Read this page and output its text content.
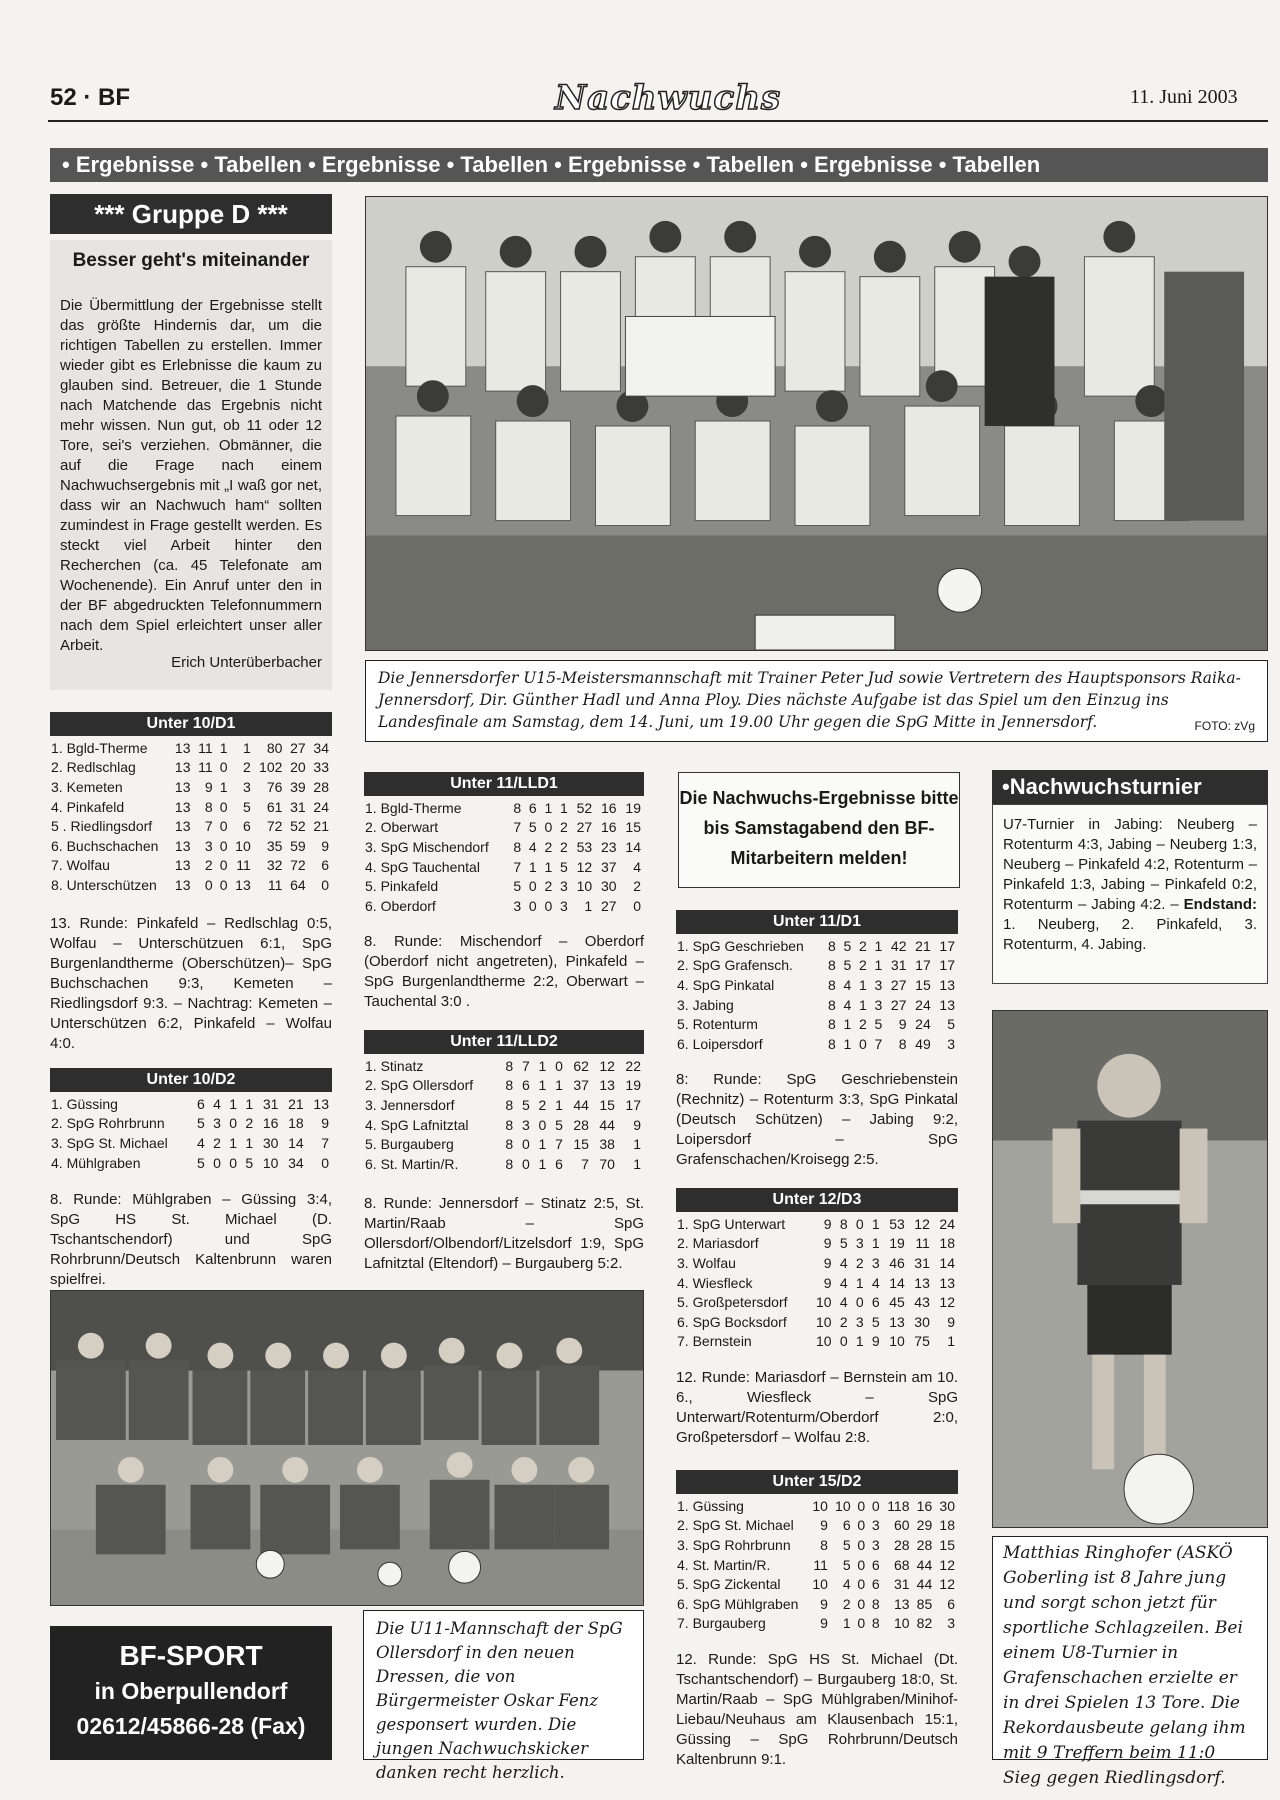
52 · BF	Nachwuchs	11. Juni 2003
• Ergebnisse • Tabellen • Ergebnisse • Tabellen • Ergebnisse • Tabellen • Ergebnisse • Tabellen
*** Gruppe D ***
Besser geht's miteinander
Die Übermittlung der Ergebnisse stellt das größte Hindernis dar, um die richtigen Tabellen zu erstellen. Immer wieder gibt es Erlebnisse die kaum zu glauben sind. Betreuer, die 1 Stunde nach Matchende das Ergebnis nicht mehr wissen. Nun gut, ob 11 oder 12 Tore, sei's verziehen. Obmänner, die auf die Frage nach einem Nachwuchsergebnis mit „I waß gor net, dass wir an Nachwuch ham“ sollten zumindest in Frage gestellt werden. Es steckt viel Arbeit hinter den Recherchen (ca. 45 Telefonate am Wochenende). Ein Anruf unter den in der BF abgedruckten Telefonnummern nach dem Spiel erleichtert unser aller Arbeit.
Erich Unterüberbacher
Unter 10/D1
1. Bgld-Therme	13	11	1	1	80	27	34
2. Redlschlag	13	11	0	2	102	20	33
3. Kemeten	13	9	1	3	76	39	28
4. Pinkafeld	13	8	0	5	61	31	24
5 . Riedlingsdorf	13	7	0	6	72	52	21
6. Buchschachen	13	3	0	10	35	59	9
7. Wolfau	13	2	0	11	32	72	6
8. Unterschützen	13	0	0	13	11	64	0
13. Runde: Pinkafeld – Redlschlag 0:5, Wolfau – Unterschützuen 6:1, SpG Burgenlandtherme (Oberschützen)– SpG Buchschachen 9:3, Kemeten – Riedlingsdorf 9:3. – Nachtrag: Kemeten – Unterschützen 6:2, Pinkafeld – Wolfau 4:0.
Unter 10/D2
1. Güssing	6	4	1	1	31	21	13
2. SpG Rohrbrunn	5	3	0	2	16	18	9
3. SpG St. Michael	4	2	1	1	30	14	7
4. Mühlgraben	5	0	0	5	10	34	0
8. Runde: Mühlgraben – Güssing 3:4, SpG HS St. Michael (D. Tschantschendorf) und SpG Rohrbrunn/Deutsch Kaltenbrunn waren spielfrei.
Die Jennersdorfer U15-Meistersmannschaft mit Trainer Peter Jud sowie Vertretern des Hauptsponsors Raika-Jennersdorf, Dir. Günther Hadl und Anna Ploy. Dies nächste Aufgabe ist das Spiel um den Einzug ins Landesfinale am Samstag, dem 14. Juni, um 19.00 Uhr gegen die SpG Mitte in Jennersdorf.	FOTO: zVg
Unter 11/LLD1
1. Bgld-Therme	8	6	1	1	52	16	19
2. Oberwart	7	5	0	2	27	16	15
3. SpG Mischendorf	8	4	2	2	53	23	14
4. SpG Tauchental	7	1	1	5	12	37	4
5. Pinkafeld	5	0	2	3	10	30	2
6. Oberdorf	3	0	0	3	1	27	0
8. Runde: Mischendorf – Oberdorf (Oberdorf nicht angetreten), Pinkafeld – SpG Burgenlandtherme 2:2, Oberwart – Tauchental 3:0 .
Unter 11/LLD2
1. Stinatz	8	7	1	0	62	12	22
2. SpG Ollersdorf	8	6	1	1	37	13	19
3. Jennersdorf	8	5	2	1	44	15	17
4. SpG Lafnitztal	8	3	0	5	28	44	9
5. Burgauberg	8	0	1	7	15	38	1
6. St. Martin/R.	8	0	1	6	7	70	1
8. Runde: Jennersdorf – Stinatz 2:5, St. Martin/Raab – SpG Ollersdorf/Olbendorf/Litzelsdorf 1:9, SpG Lafnitztal (Eltendorf) – Burgauberg 5:2.
Die Nachwuchs-Ergebnisse bitte bis Samstagabend den BF-Mitarbeitern melden!
Unter 11/D1
1. SpG Geschrieben	8	5	2	1	42	21	17
2. SpG Grafensch.	8	5	2	1	31	17	17
4. SpG Pinkatal	8	4	1	3	27	15	13
3. Jabing	8	4	1	3	27	24	13
5. Rotenturm	8	1	2	5	9	24	5
6. Loipersdorf	8	1	0	7	8	49	3
8: Runde: SpG Geschriebenstein (Rechnitz) – Rotenturm 3:3, SpG Pinkatal (Deutsch Schützen) – Jabing 9:2, Loipersdorf – SpG Grafenschachen/Kroisegg 2:5.
Unter 12/D3
1. SpG Unterwart	9	8	0	1	53	12	24
2. Mariasdorf	9	5	3	1	19	11	18
3. Wolfau	9	4	2	3	46	31	14
4. Wiesfleck	9	4	1	4	14	13	13
5. Großpetersdorf	10	4	0	6	45	43	12
6. SpG Bocksdorf	10	2	3	5	13	30	9
7. Bernstein	10	0	1	9	10	75	1
12. Runde: Mariasdorf – Bernstein am 10. 6., Wiesfleck – SpG Unterwart/Rotenturm/Oberdorf 2:0, Großpetersdorf – Wolfau 2:8.
Unter 15/D2
1. Güssing	10	10	0	0	118	16	30
2. SpG St. Michael	9	6	0	3	60	29	18
3. SpG Rohrbrunn	8	5	0	3	28	28	15
4. St. Martin/R.	11	5	0	6	68	44	12
5. SpG Zickental	10	4	0	6	31	44	12
6. SpG Mühlgraben	9	2	0	8	13	85	6
7. Burgauberg	9	1	0	8	10	82	3
12. Runde: SpG HS St. Michael (Dt. Tschantschendorf) – Burgauberg 18:0, St. Martin/Raab – SpG Mühlgraben/Minihof-Liebau/Neuhaus am Klausenbach 15:1, Güssing – SpG Rohrbrunn/Deutsch Kaltenbrunn 9:1.
•Nachwuchsturnier
U7-Turnier in Jabing: Neuberg – Rotenturm 4:3, Jabing – Neuberg 1:3, Neuberg – Pinkafeld 4:2, Rotenturm – Pinkafeld 1:3, Jabing – Pinkafeld 0:2, Rotenturm – Jabing 4:2. – Endstand: 1. Neuberg, 2. Pinkafeld, 3. Rotenturm, 4. Jabing.
Matthias Ringhofer (ASKÖ Goberling ist 8 Jahre jung und sorgt schon jetzt für sportliche Schlagzeilen. Bei einem U8-Turnier in Grafenschachen erzielte er in drei Spielen 13 Tore. Die Rekordausbeute gelang ihm mit 9 Treffern beim 11:0 Sieg gegen Riedlingsdorf.
Die U11-Mannschaft der SpG Ollersdorf in den neuen Dressen, die von Bürgermeister Oskar Fenz gesponsert wurden. Die jungen Nachwuchskicker danken recht herzlich.
BF-SPORT
in Oberpullendorf
02612/45866-28 (Fax)
